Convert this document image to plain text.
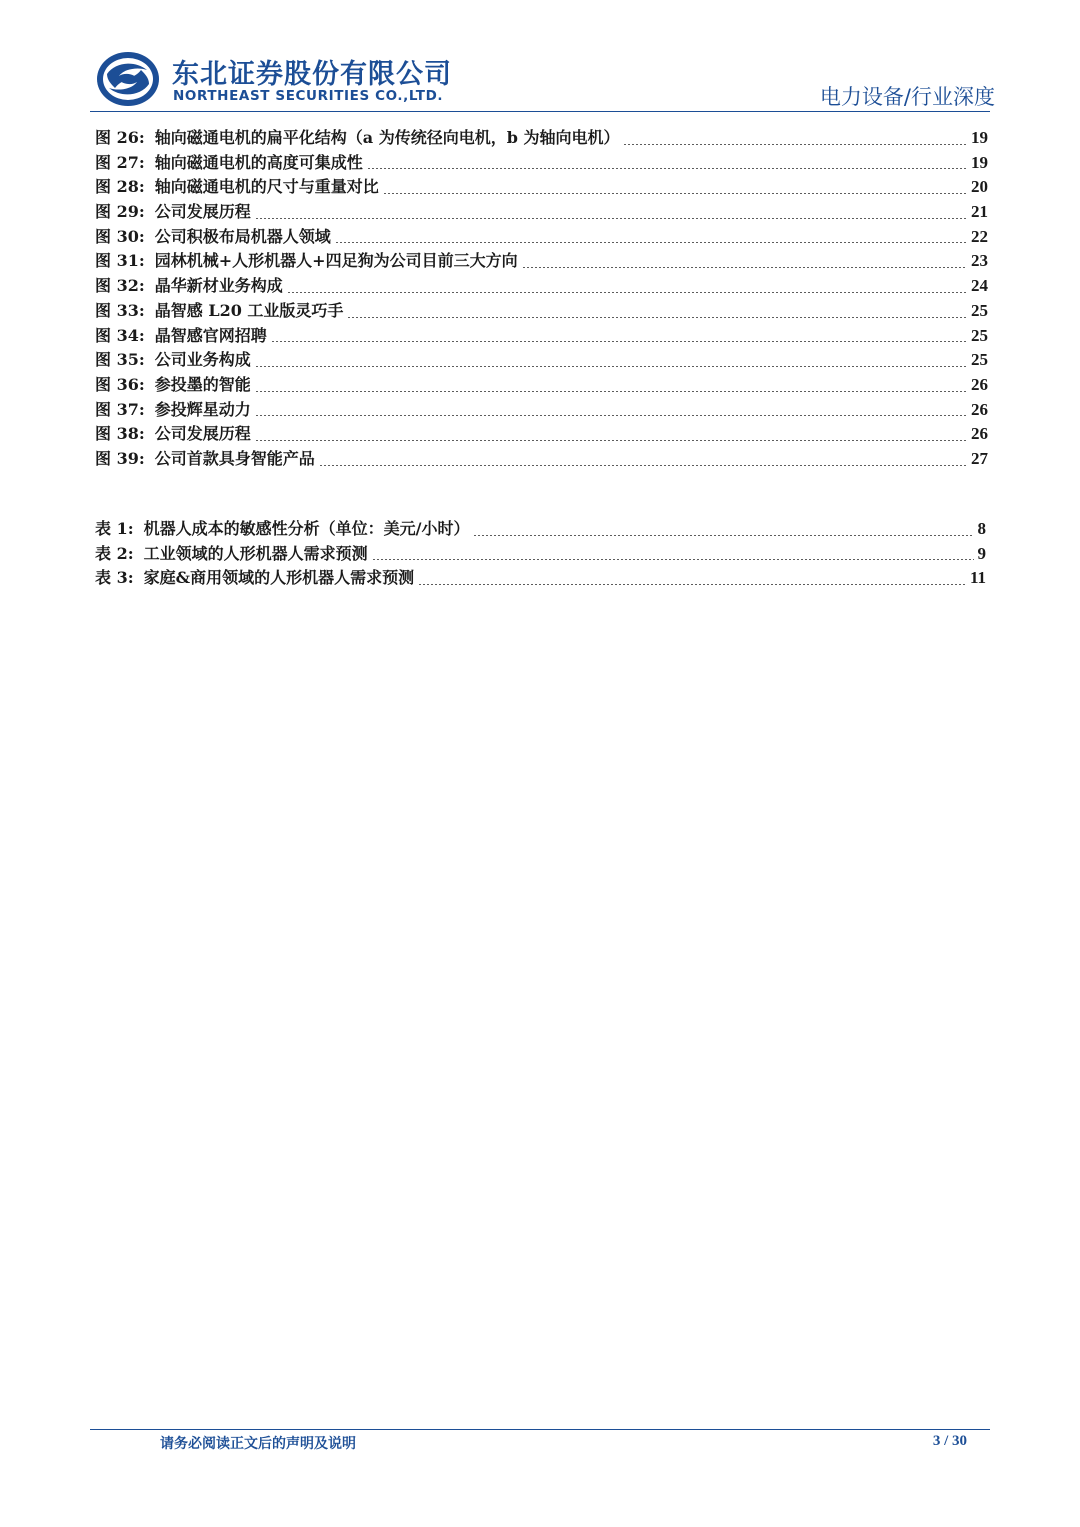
东北证券股份有限公司
NORTHEAST SECURITIES CO.,LTD.	电力设备/行业深度
图 26: 轴向磁通电机的扁平化结构（a 为传统径向电机，b 为轴向电机）	19
图 27: 轴向磁通电机的高度可集成性	19
图 28: 轴向磁通电机的尺寸与重量对比	20
图 29: 公司发展历程	21
图 30: 公司积极布局机器人领域	22
图 31: 园林机械+人形机器人+四足狗为公司目前三大方向	23
图 32: 晶华新材业务构成	24
图 33: 晶智感 L20 工业版灵巧手	25
图 34: 晶智感官网招聘	25
图 35: 公司业务构成	25
图 36: 参投墨的智能	26
图 37: 参投辉星动力	26
图 38: 公司发展历程	26
图 39: 公司首款具身智能产品	27
表 1: 机器人成本的敏感性分析（单位：美元/小时）	8
表 2: 工业领域的人形机器人需求预测	9
表 3: 家庭&商用领域的人形机器人需求预测	11
请务必阅读正文后的声明及说明	3 / 30
